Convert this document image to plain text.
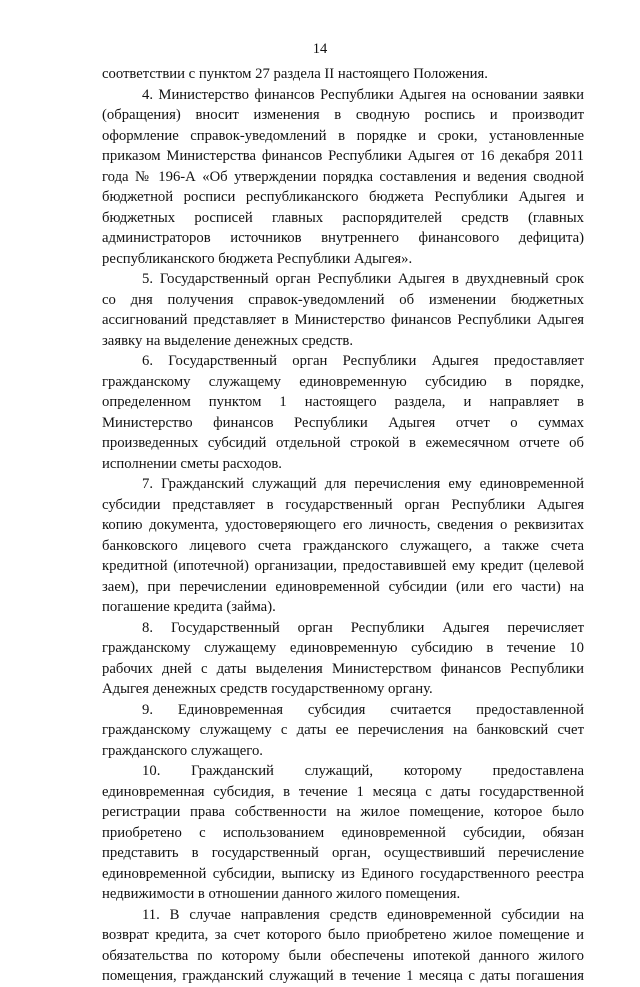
14
соответствии с пунктом 27 раздела II настоящего Положения.
4. Министерство финансов Республики Адыгея на основании заявки
(обращения) вносит изменения в сводную роспись и производит
оформление справок-уведомлений в порядке и сроки, установленные
приказом Министерства финансов Республики Адыгея от 16 декабря 2011
года № 196-А «Об утверждении порядка составления и ведения сводной
бюджетной росписи республиканского бюджета Республики Адыгея и
бюджетных росписей главных распорядителей средств (главных
администраторов источников внутреннего финансового дефицита)
республиканского бюджета Республики Адыгея».
5. Государственный орган Республики Адыгея в двухдневный срок
со дня получения справок-уведомлений об изменении бюджетных
ассигнований представляет в Министерство финансов Республики Адыгея
заявку на выделение денежных средств.
6. Государственный орган Республики Адыгея предоставляет
гражданскому служащему единовременную субсидию в порядке,
определенном пунктом 1 настоящего раздела, и направляет в
Министерство финансов Республики Адыгея отчет о суммах
произведенных субсидий отдельной строкой в ежемесячном отчете об
исполнении сметы расходов.
7. Гражданский служащий для перечисления ему единовременной
субсидии представляет в государственный орган Республики Адыгея
копию документа, удостоверяющего его личность, сведения о реквизитах
банковского лицевого счета гражданского служащего, а также счета
кредитной (ипотечной) организации, предоставившей ему кредит (целевой
заем), при перечислении единовременной субсидии (или его части) на
погашение кредита (займа).
8. Государственный орган Республики Адыгея перечисляет
гражданскому служащему единовременную субсидию в течение 10
рабочих дней с даты выделения Министерством финансов Республики
Адыгея денежных средств государственному органу.
9. Единовременная субсидия считается предоставленной
гражданскому служащему с даты ее перечисления на банковский счет
гражданского служащего.
10. Гражданский служащий, которому предоставлена
единовременная субсидия, в течение 1 месяца с даты государственной
регистрации права собственности на жилое помещение, которое было
приобретено с использованием единовременной субсидии, обязан
представить в государственный орган, осуществивший перечисление
единовременной субсидии, выписку из Единого государственного реестра
недвижимости в отношении данного жилого помещения.
11. В случае направления средств единовременной субсидии на
возврат кредита, за счет которого было приобретено жилое помещение и
обязательства по которому были обеспечены ипотекой данного жилого
помещения, гражданский служащий в течение 1 месяца с даты погашения
